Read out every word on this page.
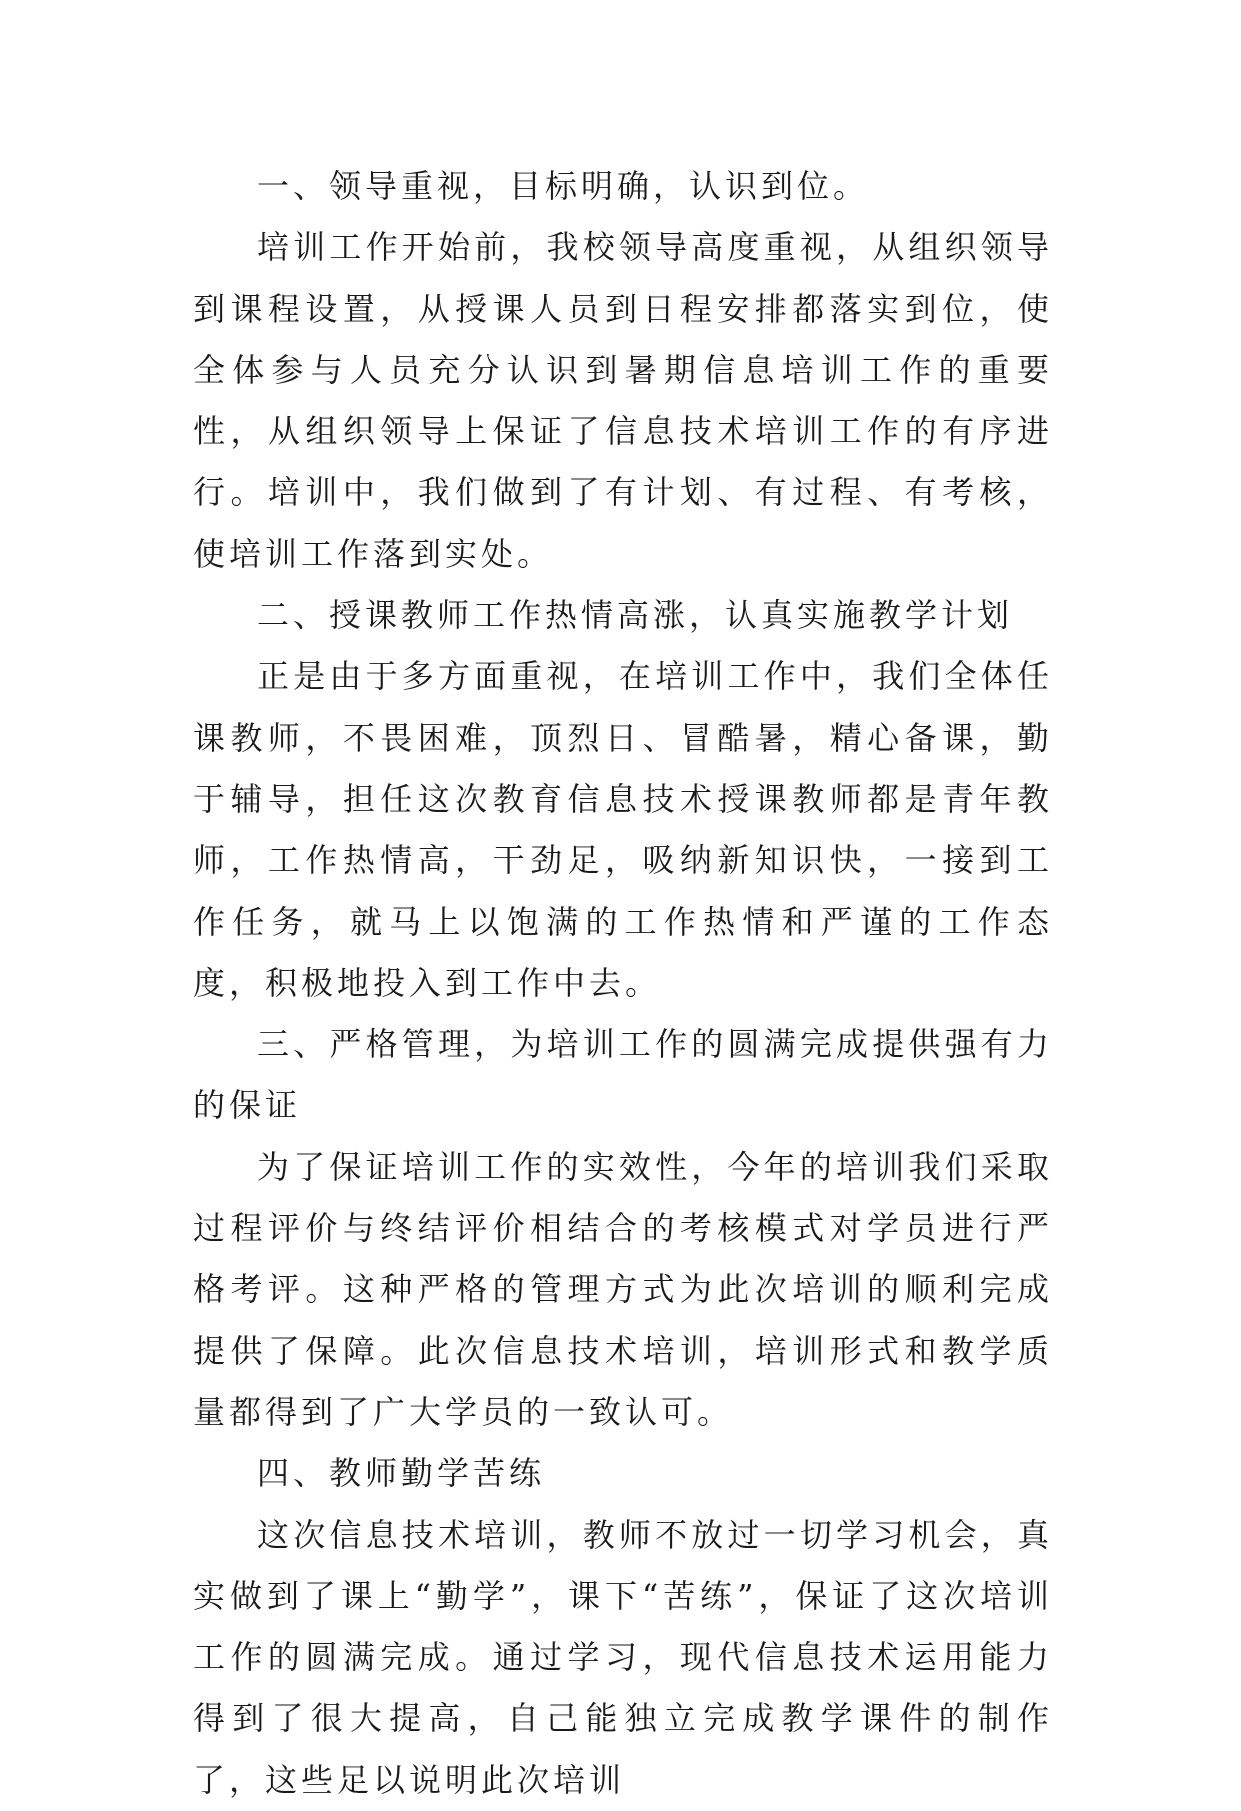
一、领导重视，目标明确，认识到位。

培训工作开始前，我校领导高度重视，从组织领导到课程设置，从授课人员到日程安排都落实到位，使全体参与人员充分认识到暑期信息培训工作的重要性，从组织领导上保证了信息技术培训工作的有序进行。培训中，我们做到了有计划、有过程、有考核，使培训工作落到实处。

二、授课教师工作热情高涨，认真实施教学计划

正是由于多方面重视，在培训工作中，我们全体任课教师，不畏困难，顶烈日、冒酷暑，精心备课，勤于辅导，担任这次教育信息技术授课教师都是青年教师，工作热情高，干劲足，吸纳新知识快，一接到工作任务，就马上以饱满的工作热情和严谨的工作态度，积极地投入到工作中去。

三、严格管理，为培训工作的圆满完成提供强有力的保证

为了保证培训工作的实效性，今年的培训我们采取过程评价与终结评价相结合的考核模式对学员进行严格考评。这种严格的管理方式为此次培训的顺利完成提供了保障。此次信息技术培训，培训形式和教学质量都得到了广大学员的一致认可。

四、教师勤学苦练

这次信息技术培训，教师不放过一切学习机会，真实做到了课上“勤学”，课下“苦练”，保证了这次培训工作的圆满完成。通过学习，现代信息技术运用能力得到了很大提高，自己能独立完成教学课件的制作了，这些足以说明此次培训
